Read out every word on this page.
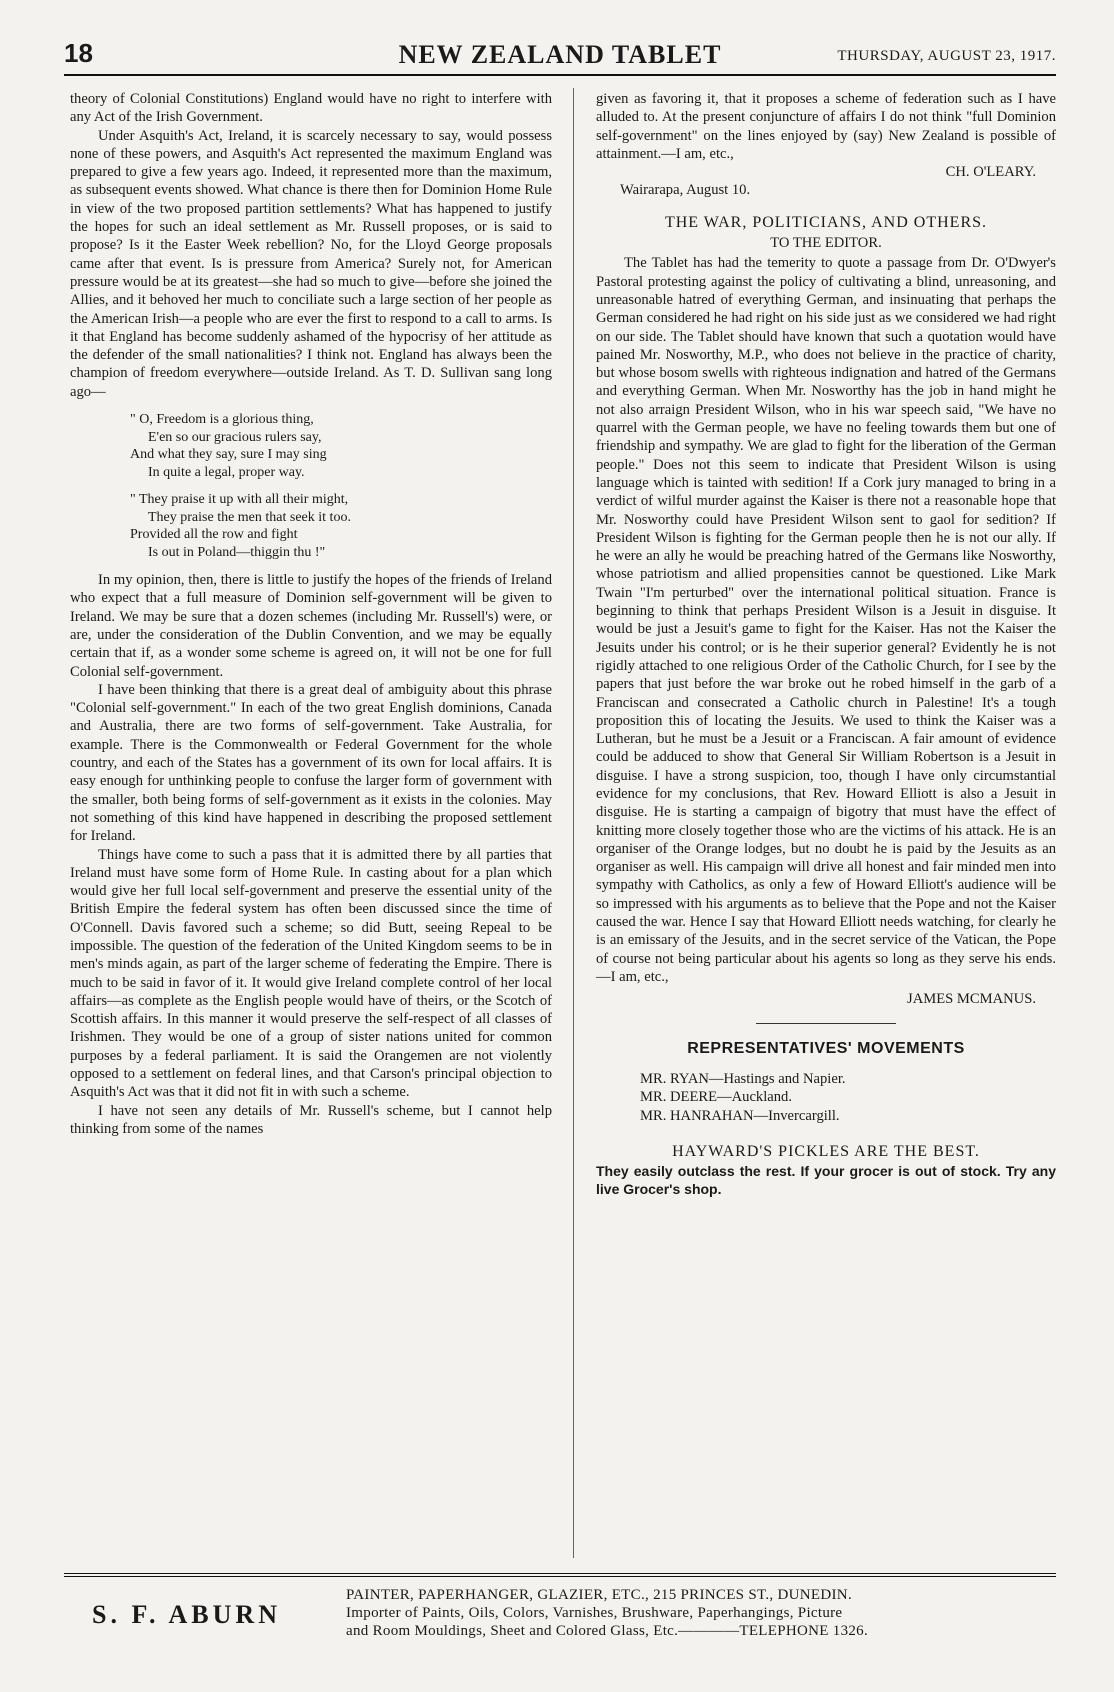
18	NEW ZEALAND TABLET	THURSDAY, AUGUST 23, 1917.

theory of Colonial Constitutions) England would have no right to interfere with any Act of the Irish Government.

Under Asquith's Act, Ireland, it is scarcely necessary to say, would possess none of these powers, and Asquith's Act represented the maximum England was prepared to give a few years ago. Indeed, it represented more than the maximum, as subsequent events showed. What chance is there then for Dominion Home Rule in view of the two proposed partition settlements? What has happened to justify the hopes for such an ideal settlement as Mr. Russell proposes, or is said to propose? Is it the Easter Week rebellion? No, for the Lloyd George proposals came after that event. Is is pressure from America? Surely not, for American pressure would be at its greatest—she had so much to give—before she joined the Allies, and it behoved her much to conciliate such a large section of her people as the American Irish—a people who are ever the first to respond to a call to arms. Is it that England has become suddenly ashamed of the hypocrisy of her attitude as the defender of the small nationalities? I think not. England has always been the champion of freedom everywhere—outside Ireland. As T. D. Sullivan sang long ago—

" O, Freedom is a glorious thing,
E'en so our gracious rulers say,
And what they say, sure I may sing
In quite a legal, proper way.
" They praise it up with all their might,
They praise the men that seek it too.
Provided all the row and fight
Is out in Poland—thiggin thu !"

In my opinion, then, there is little to justify the hopes of the friends of Ireland who expect that a full measure of Dominion self-government will be given to Ireland. We may be sure that a dozen schemes (including Mr. Russell's) were, or are, under the consideration of the Dublin Convention, and we may be equally certain that if, as a wonder some scheme is agreed on, it will not be one for full Colonial self-government.

I have been thinking that there is a great deal of ambiguity about this phrase "Colonial self-government." In each of the two great English dominions, Canada and Australia, there are two forms of self-government. Take Australia, for example. There is the Commonwealth or Federal Government for the whole country, and each of the States has a government of its own for local affairs. It is easy enough for unthinking people to confuse the larger form of government with the smaller, both being forms of self-government as it exists in the colonies. May not something of this kind have happened in describing the proposed settlement for Ireland.

Things have come to such a pass that it is admitted there by all parties that Ireland must have some form of Home Rule. In casting about for a plan which would give her full local self-government and preserve the essential unity of the British Empire the federal system has often been discussed since the time of O'Connell. Davis favored such a scheme; so did Butt, seeing Repeal to be impossible. The question of the federation of the United Kingdom seems to be in men's minds again, as part of the larger scheme of federating the Empire. There is much to be said in favor of it. It would give Ireland complete control of her local affairs—as complete as the English people would have of theirs, or the Scotch of Scottish affairs. In this manner it would preserve the self-respect of all classes of Irishmen. They would be one of a group of sister nations united for common purposes by a federal parliament. It is said the Orangemen are not violently opposed to a settlement on federal lines, and that Carson's principal objection to Asquith's Act was that it did not fit in with such a scheme.

I have not seen any details of Mr. Russell's scheme, but I cannot help thinking from some of the names

given as favoring it, that it proposes a scheme of federation such as I have alluded to. At the present conjuncture of affairs I do not think "full Dominion self-government" on the lines enjoyed by (say) New Zealand is possible of attainment.—I am, etc.,

CH. O'LEARY.

Wairarapa, August 10.

THE WAR, POLITICIANS, AND OTHERS.
TO THE EDITOR.

The Tablet has had the temerity to quote a passage from Dr. O'Dwyer's Pastoral protesting against the policy of cultivating a blind, unreasoning, and unreasonable hatred of everything German, and insinuating that perhaps the German considered he had right on his side just as we considered we had right on our side. The Tablet should have known that such a quotation would have pained Mr. Nosworthy, M.P., who does not believe in the practice of charity, but whose bosom swells with righteous indignation and hatred of the Germans and everything German. When Mr. Nosworthy has the job in hand might he not also arraign President Wilson, who in his war speech said, "We have no quarrel with the German people, we have no feeling towards them but one of friendship and sympathy. We are glad to fight for the liberation of the German people." Does not this seem to indicate that President Wilson is using language which is tainted with sedition! If a Cork jury managed to bring in a verdict of wilful murder against the Kaiser is there not a reasonable hope that Mr. Nosworthy could have President Wilson sent to gaol for sedition? If President Wilson is fighting for the German people then he is not our ally. If he were an ally he would be preaching hatred of the Germans like Nosworthy, whose patriotism and allied propensities cannot be questioned. Like Mark Twain "I'm perturbed" over the international political situation. France is beginning to think that perhaps President Wilson is a Jesuit in disguise. It would be just a Jesuit's game to fight for the Kaiser. Has not the Kaiser the Jesuits under his control; or is he their superior general? Evidently he is not rigidly attached to one religious Order of the Catholic Church, for I see by the papers that just before the war broke out he robed himself in the garb of a Franciscan and consecrated a Catholic church in Palestine! It's a tough proposition this of locating the Jesuits. We used to think the Kaiser was a Lutheran, but he must be a Jesuit or a Franciscan. A fair amount of evidence could be adduced to show that General Sir William Robertson is a Jesuit in disguise. I have a strong suspicion, too, though I have only circumstantial evidence for my conclusions, that Rev. Howard Elliott is also a Jesuit in disguise. He is starting a campaign of bigotry that must have the effect of knitting more closely together those who are the victims of his attack. He is an organiser of the Orange lodges, but no doubt he is paid by the Jesuits as an organiser as well. His campaign will drive all honest and fair minded men into sympathy with Catholics, as only a few of Howard Elliott's audience will be so impressed with his arguments as to believe that the Pope and not the Kaiser caused the war. Hence I say that Howard Elliott needs watching, for clearly he is an emissary of the Jesuits, and in the secret service of the Vatican, the Pope of course not being particular about his agents so long as they serve his ends.—I am, etc.,

JAMES MCMANUS.

REPRESENTATIVES' MOVEMENTS
MR. RYAN—Hastings and Napier.
MR. DEERE—Auckland.
MR. HANRAHAN—Invercargill.
HAYWARD'S PICKLES ARE THE BEST.
They easily outclass the rest. If your grocer is out of stock. Try any live Grocer's shop.
S. F. ABURN
PAINTER, PAPERHANGER, GLAZIER, ETC., 215 PRINCES ST., DUNEDIN.
Importer of Paints, Oils, Colors, Varnishes, Brushware, Paperhangings, Picture
and Room Mouldings, Sheet and Colored Glass, Etc.————TELEPHONE 1326.
